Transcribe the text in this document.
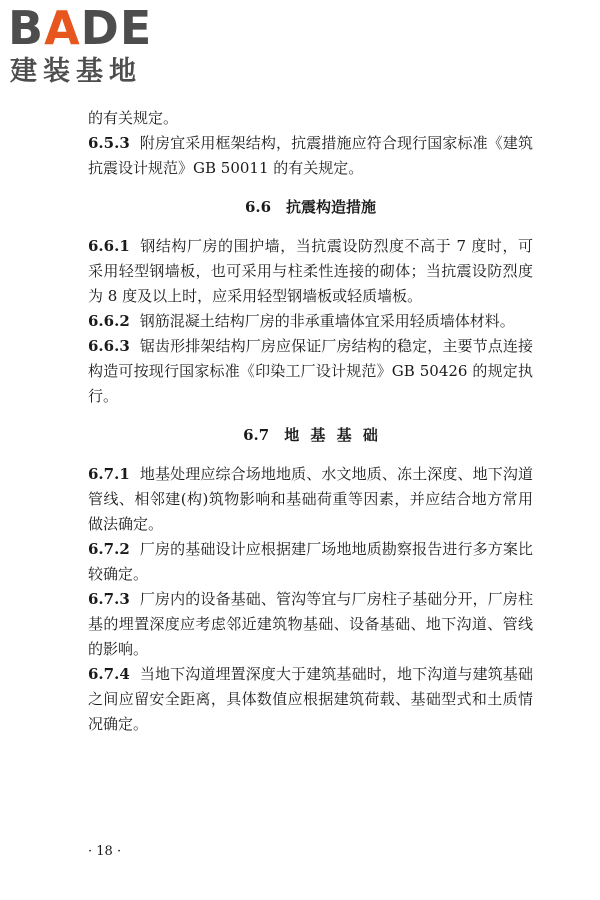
BADE
建装基地

的有关规定。

6.5.3 附房宜采用框架结构，抗震措施应符合现行国家标准《建筑抗震设计规范》GB 50011 的有关规定。

6.6　抗震构造措施

6.6.1 钢结构厂房的围护墙，当抗震设防烈度不高于 7 度时，可采用轻型钢墙板，也可采用与柱柔性连接的砌体；当抗震设防烈度为 8 度及以上时，应采用轻型钢墙板或轻质墙板。

6.6.2 钢筋混凝土结构厂房的非承重墙体宜采用轻质墙体材料。

6.6.3 锯齿形排架结构厂房应保证厂房结构的稳定，主要节点连接构造可按现行国家标准《印染工厂设计规范》GB 50426 的规定执行。

6.7　地 基 基 础

6.7.1 地基处理应综合场地地质、水文地质、冻土深度、地下沟道管线、相邻建(构)筑物影响和基础荷重等因素，并应结合地方常用做法确定。

6.7.2 厂房的基础设计应根据建厂场地地质勘察报告进行多方案比较确定。

6.7.3 厂房内的设备基础、管沟等宜与厂房柱子基础分开，厂房柱基的埋置深度应考虑邻近建筑物基础、设备基础、地下沟道、管线的影响。

6.7.4 当地下沟道埋置深度大于建筑基础时，地下沟道与建筑基础之间应留安全距离，具体数值应根据建筑荷载、基础型式和土质情况确定。

· 18 ·
